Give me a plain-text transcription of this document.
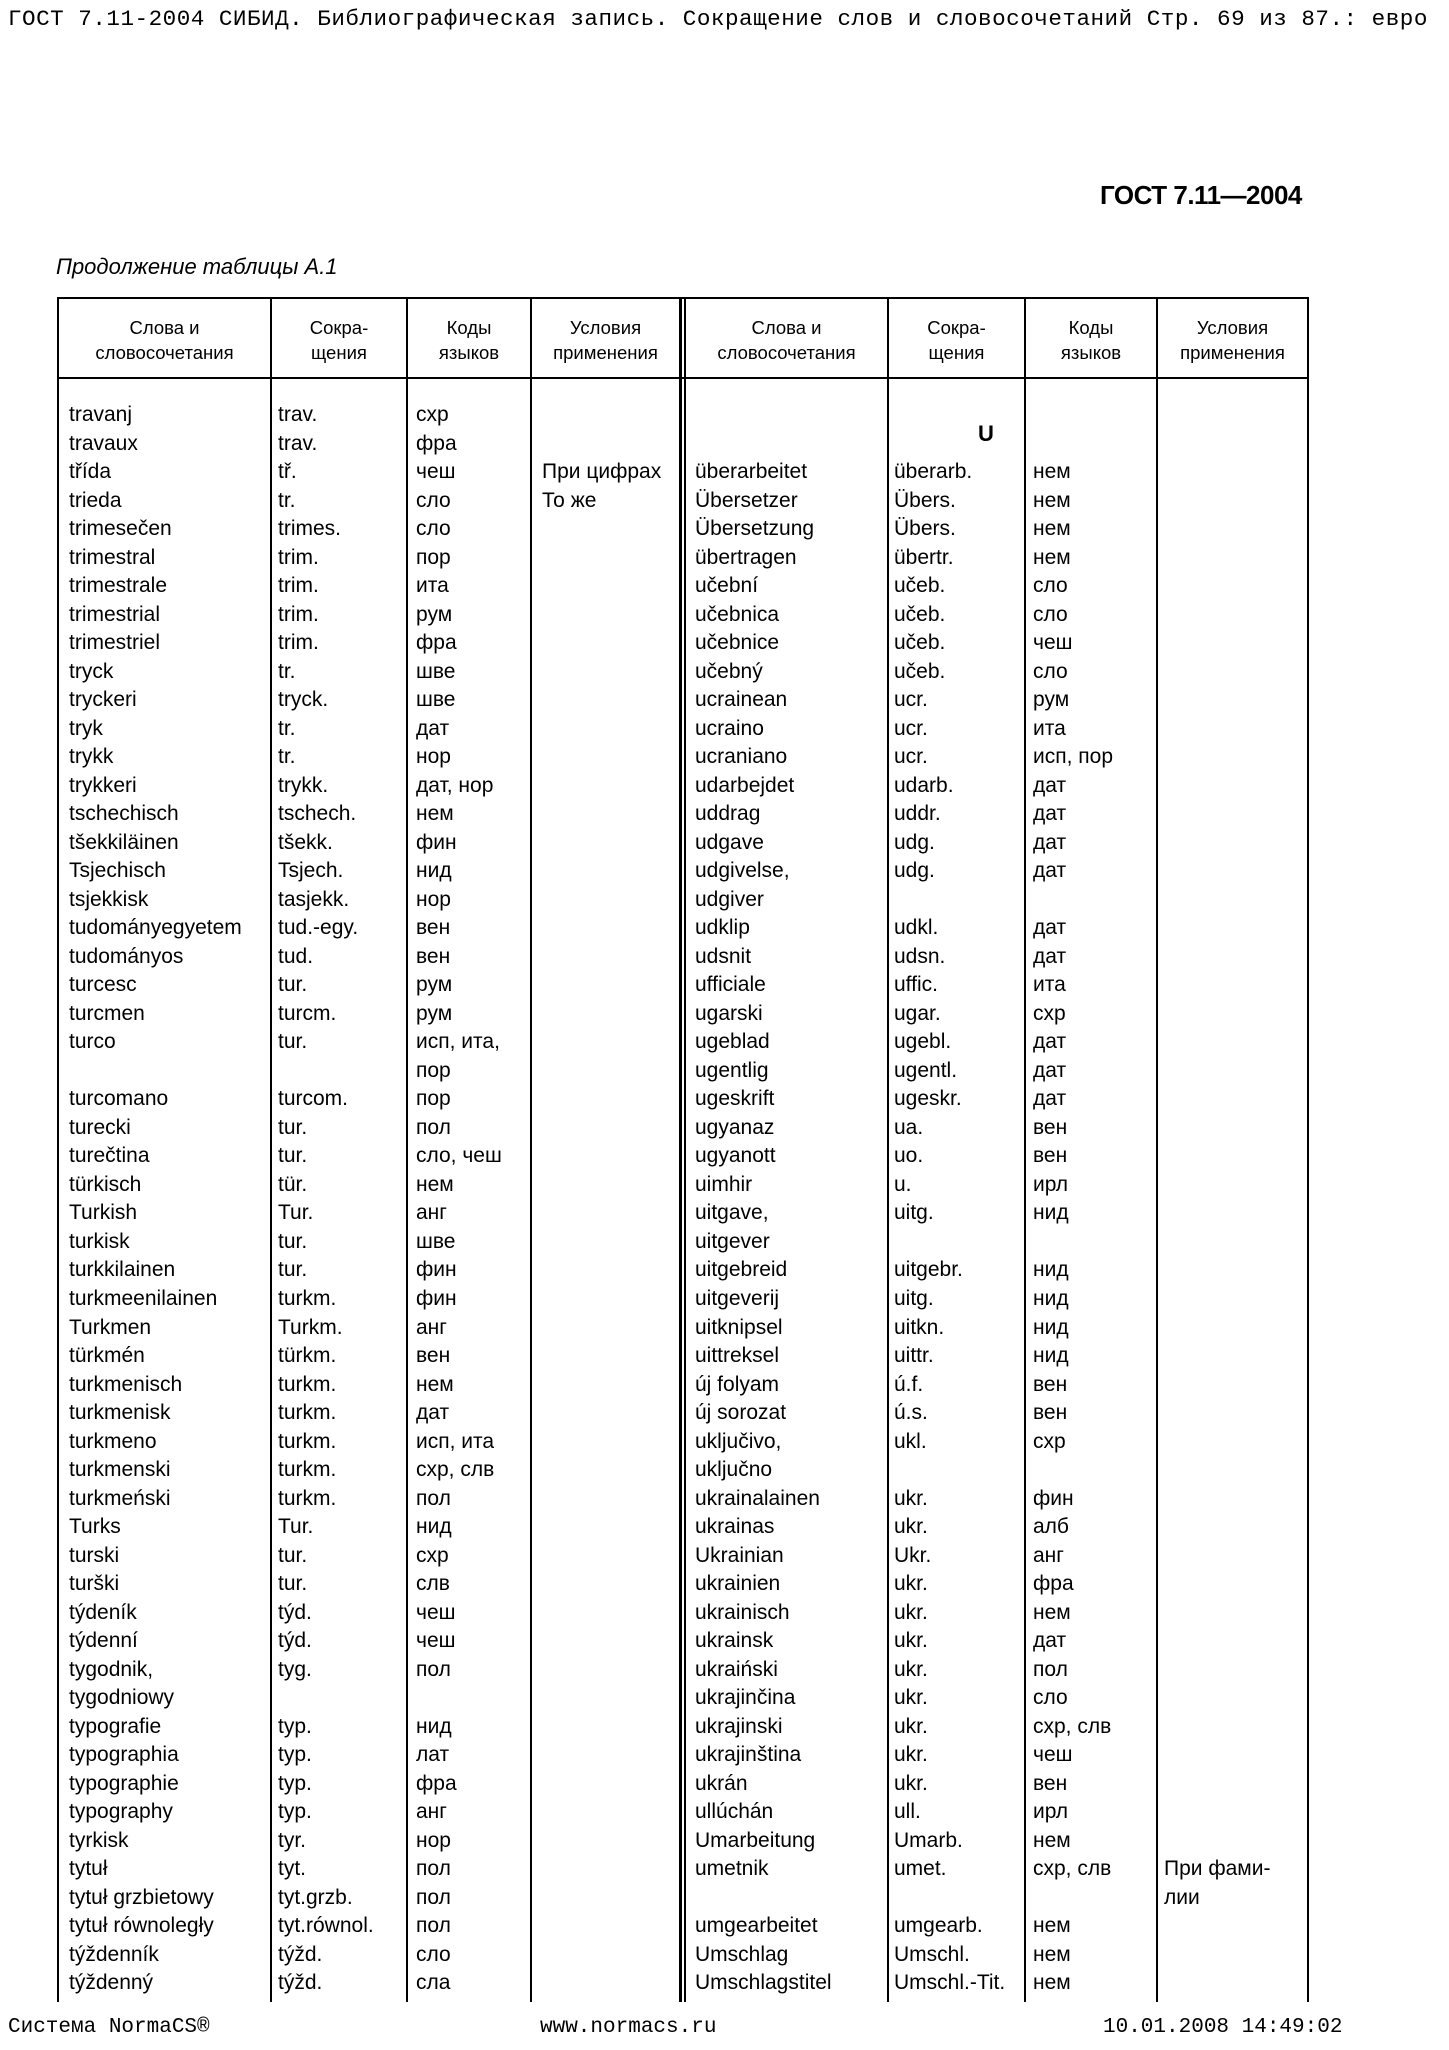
ГОСТ 7.11-2004 СИБИД. Библиографическая запись. Сокращение слов и словосочетаний Стр. 69 из 87.: евро
ГОСТ 7.11—2004
Продолжение таблицы А.1
Слова и
словосочетания
Сокра-
щения
Коды
языков
Условия
применения
Слова и
словосочетания
Сокра-
щения
Коды
языков
Условия
применения
U
travanj
travaux
třída
trieda
trimesečen
trimestral
trimestrale
trimestrial
trimestriel
tryck
tryckeri
tryk
trykk
trykkeri
tschechisch
tšekkiläinen
Tsjechisch
tsjekkisk
tudományegyetem
tudományos
turcesc
turcmen
turco
turcomano
turecki
turečtina
türkisch
Turkish
turkisk
turkkilainen
turkmeenilainen
Turkmen
türkmén
turkmenisch
turkmenisk
turkmeno
turkmenski
turkmeński
Turks
turski
turški
týdeník
týdenní
tygodnik,
tygodniowy
typografie
typographia
typographie
typography
tyrkisk
tytuł
tytuł grzbietowy
tytuł równoległy
týždenník
týždenný
trav.
trav.
tř.
tr.
trimes.
trim.
trim.
trim.
trim.
tr.
tryck.
tr.
tr.
trykk.
tschech.
tšekk.
Tsjech.
tasjekk.
tud.-egy.
tud.
tur.
turcm.
tur.
turcom.
tur.
tur.
tür.
Tur.
tur.
tur.
turkm.
Turkm.
türkm.
turkm.
turkm.
turkm.
turkm.
turkm.
Tur.
tur.
tur.
týd.
týd.
tyg.
typ.
typ.
typ.
typ.
tyr.
tyt.
tyt.grzb.
tyt.równol.
týžd.
týžd.
схр
фра
чеш
сло
сло
пор
ита
рум
фра
шве
шве
дат
нор
дат, нор
нем
фин
нид
нор
вен
вен
рум
рум
исп, ита,
пор
пор
пол
сло, чеш
нем
анг
шве
фин
фин
анг
вен
нем
дат
исп, ита
схр, слв
пол
нид
схр
слв
чеш
чеш
пол
нид
лат
фра
анг
нор
пол
пол
пол
сло
сла
При цифрах
То же
überarbeitet
Übersetzer
Übersetzung
übertragen
učební
učebnica
učebnice
učebný
ucrainean
ucraino
ucraniano
udarbejdet
uddrag
udgave
udgivelse,
udgiver
udklip
udsnit
ufficiale
ugarski
ugeblad
ugentlig
ugeskrift
ugyanaz
ugyanott
uimhir
uitgave,
uitgever
uitgebreid
uitgeverij
uitknipsel
uittreksel
új folyam
új sorozat
uključivo,
uključno
ukrainalainen
ukrainas
Ukrainian
ukrainien
ukrainisch
ukrainsk
ukraiński
ukrajinčina
ukrajinski
ukrajinština
ukrán
ullúchán
Umarbeitung
umetnik
umgearbeitet
Umschlag
Umschlagstitel
überarb.
Übers.
Übers.
übertr.
učeb.
učeb.
učeb.
učeb.
ucr.
ucr.
ucr.
udarb.
uddr.
udg.
udg.
udkl.
udsn.
uffic.
ugar.
ugebl.
ugentl.
ugeskr.
ua.
uo.
u.
uitg.
uitgebr.
uitg.
uitkn.
uittr.
ú.f.
ú.s.
ukl.
ukr.
ukr.
Ukr.
ukr.
ukr.
ukr.
ukr.
ukr.
ukr.
ukr.
ukr.
ull.
Umarb.
umet.
umgearb.
Umschl.
Umschl.-Tit.
нем
нем
нем
нем
сло
сло
чеш
сло
рум
ита
исп, пор
дат
дат
дат
дат
дат
дат
ита
схр
дат
дат
дат
вен
вен
ирл
нид
нид
нид
нид
нид
вен
вен
схр
фин
алб
анг
фра
нем
дат
пол
сло
схр, слв
чеш
вен
ирл
нем
схр, слв
нем
нем
нем
При фами-
лии
Система NormaCS®	www.normacs.ru	10.01.2008 14:49:02
